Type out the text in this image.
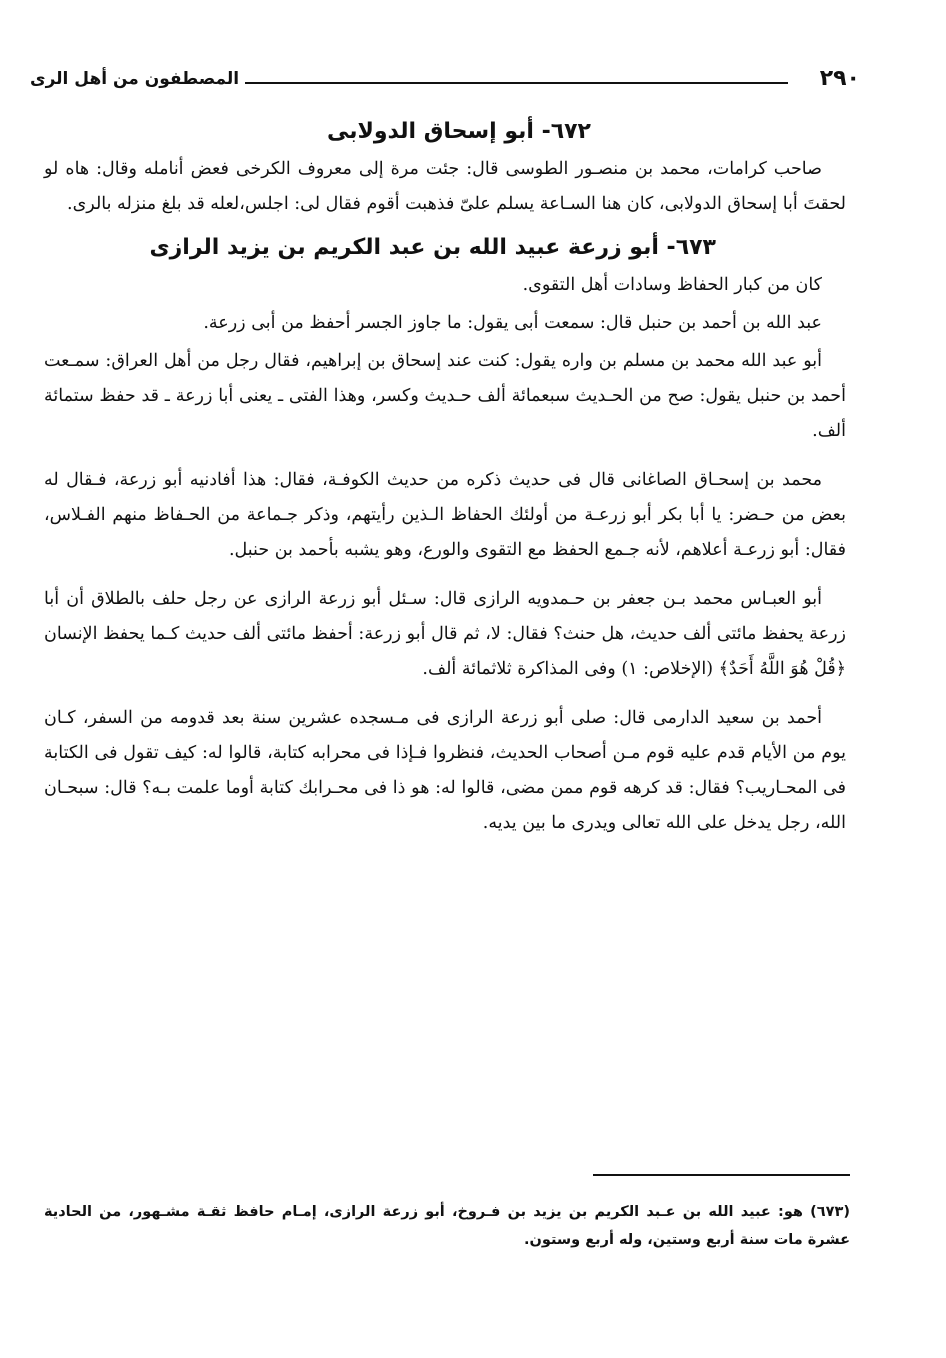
٢٩٠
المصطفون من أهل الرى
٦٧٢- أبو إسحاق الدولابى

صاحب كرامات، محمد بن منصـور الطوسى قال: جئت مرة إلى معروف الكرخى فعض أنامله وقال: هاه لو لحقتَ أبا إسحاق الدولابى، كان هنا السـاعة يسلم علىّ فذهبت أقوم فقال لى: اجلس،لعله قد بلغ منزله بالرى.

٦٧٣- أبو زرعة عبيد الله بن عبد الكريم بن يزيد الرازى

كان من كبار الحفاظ وسادات أهل التقوى.

عبد الله بن أحمد بن حنبل قال: سمعت أبى يقول: ما جاوز الجسر أحفظ من أبى زرعة.

أبو عبد الله محمد بن مسلم بن واره يقول: كنت عند إسحاق بن إبراهيم، فقال رجل من أهل العراق: سمـعت أحمد بن حنبل يقول: صح من الحـديث سبعمائة ألف حـديث وكسر، وهذا الفتى ـ يعنى أبا زرعة ـ قد حفظ ستمائة ألف.

محمد بن إسحـاق الصاغانى قال فى حديث ذكره من حديث الكوفـة، فقال: هذا أفادنيه أبو زرعة، فـقال له بعض من حـضر: يا أبا بكر أبو زرعـة من أولئك الحفاظ الـذين رأيتهم، وذكر جـماعة من الحـفاظ منهم الفـلاس، فقال: أبو زرعـة أعلاهم، لأنه جـمع الحفظ مع التقوى والورع، وهو يشبه بأحمد بن حنبل.

أبو العبـاس محمد بـن جعفر بن حـمدويه الرازى قال: سـئل أبو زرعة الرازى عن رجل حلف بالطلاق أن أبا زرعة يحفظ مائتى ألف حديث، هل حنث؟ فقال: لا، ثم قال أبو زرعة: أحفظ مائتى ألف حديث كـما يحفظ الإنسان ﴿قُلْ هُوَ اللَّهُ أَحَدٌ﴾ (الإخلاص: ١) وفى المذاكرة ثلاثمائة ألف.

أحمد بن سعيد الدارمى قال: صلى أبو زرعة الرازى فى مـسجده عشرين سنة بعد قدومه من السفر، كـان يوم من الأيام قدم عليه قوم مـن أصحاب الحديث، فنظروا فـإذا فى محرابه كتابة، قالوا له: كيف تقول فى الكتابة فى المحـاريب؟ فقال: قد كرهه قوم ممن مضى، قالوا له: هو ذا فى محـرابك كتابة أوما علمت بـه؟ قال: سبحـان الله، رجل يدخل على الله تعالى ويدرى ما بين يديه.

(٦٧٣) هو: عبيد الله بن عـبد الكريم بن يزيد بن فـروخ، أبو زرعة الرازى، إمـام حافظ ثقـة مشـهور، من الحادية عشرة مات سنة أربع وستين، وله أربع وستون.
